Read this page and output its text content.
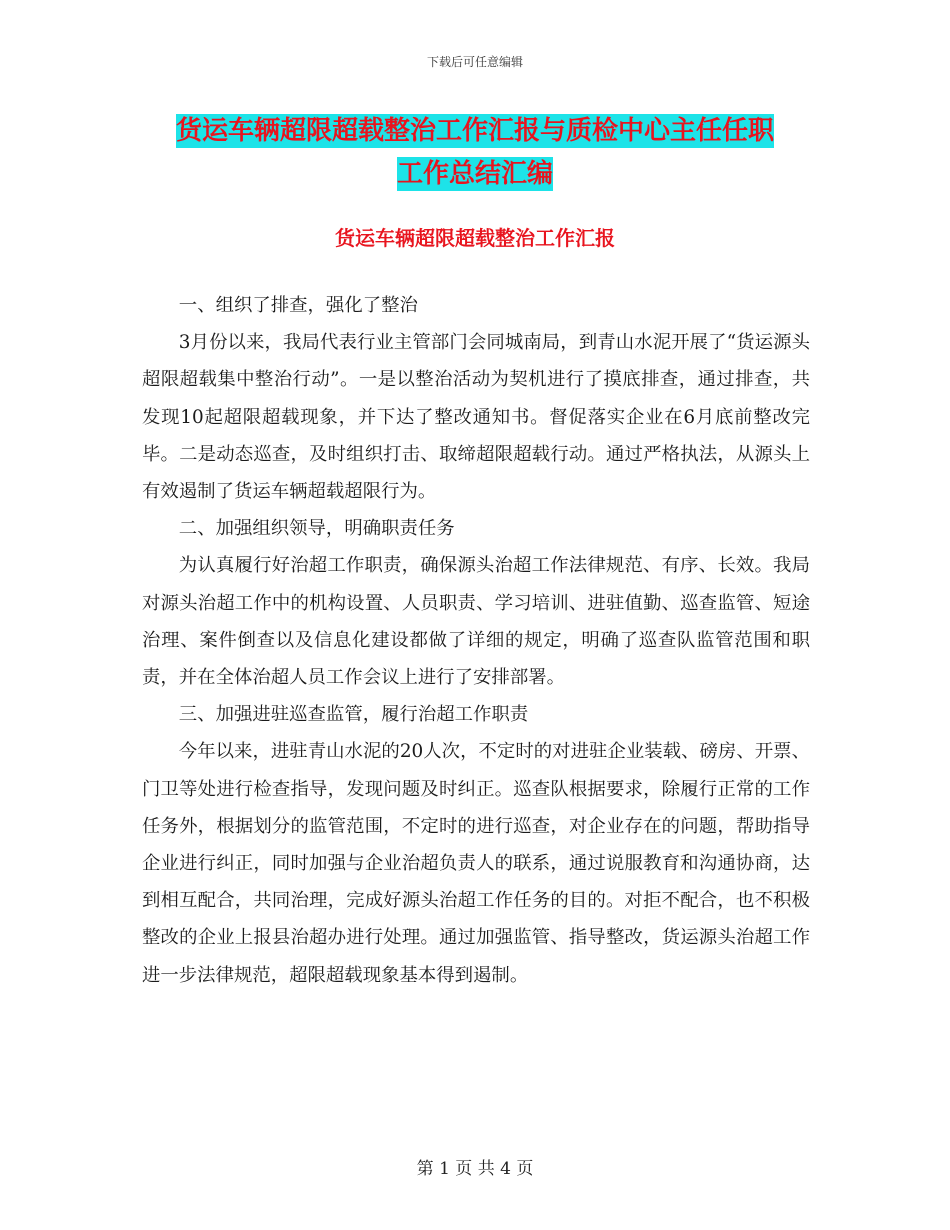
下载后可任意编辑
货运车辆超限超载整治工作汇报与质检中心主任任职
工作总结汇编
货运车辆超限超载整治工作汇报

一、组织了排查，强化了整治

3月份以来，我局代表行业主管部门会同城南局，到青山水泥开展了“货运源头超限超载集中整治行动”。一是以整治活动为契机进行了摸底排查，通过排查，共发现10起超限超载现象，并下达了整改通知书。督促落实企业在6月底前整改完毕。二是动态巡查，及时组织打击、取缔超限超载行动。通过严格执法，从源头上有效遏制了货运车辆超载超限行为。

二、加强组织领导，明确职责任务

为认真履行好治超工作职责，确保源头治超工作法律规范、有序、长效。我局对源头治超工作中的机构设置、人员职责、学习培训、进驻值勤、巡查监管、短途治理、案件倒查以及信息化建设都做了详细的规定，明确了巡查队监管范围和职责，并在全体治超人员工作会议上进行了安排部署。

三、加强进驻巡查监管，履行治超工作职责

今年以来，进驻青山水泥的20人次，不定时的对进驻企业装载、磅房、开票、门卫等处进行检查指导，发现问题及时纠正。巡查队根据要求，除履行正常的工作任务外，根据划分的监管范围，不定时的进行巡查，对企业存在的问题，帮助指导企业进行纠正，同时加强与企业治超负责人的联系，通过说服教育和沟通协商，达到相互配合，共同治理，完成好源头治超工作任务的目的。对拒不配合，也不积极整改的企业上报县治超办进行处理。通过加强监管、指导整改，货运源头治超工作进一步法律规范，超限超载现象基本得到遏制。

第 1 页 共 4 页
